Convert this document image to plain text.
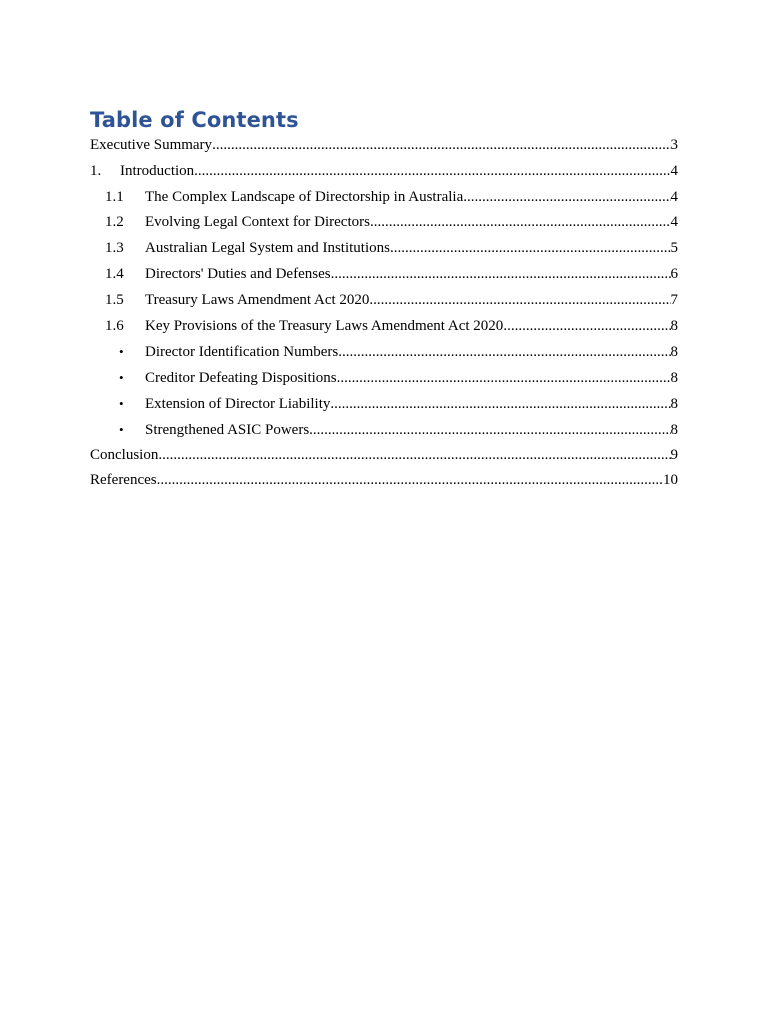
Table of Contents
Executive Summary .....	3
1.	Introduction .....	4
1.1	The Complex Landscape of Directorship in Australia .....	4
1.2	Evolving Legal Context for Directors .....	4
1.3	Australian Legal System and Institutions .....	5
1.4	Directors' Duties and Defenses .....	6
1.5	Treasury Laws Amendment Act 2020 .....	7
1.6	Key Provisions of the Treasury Laws Amendment Act 2020 .....	8
•	Director Identification Numbers .....	8
•	Creditor Defeating Dispositions .....	8
•	Extension of Director Liability .....	8
•	Strengthened ASIC Powers .....	8
Conclusion .....	9
References .....	10
